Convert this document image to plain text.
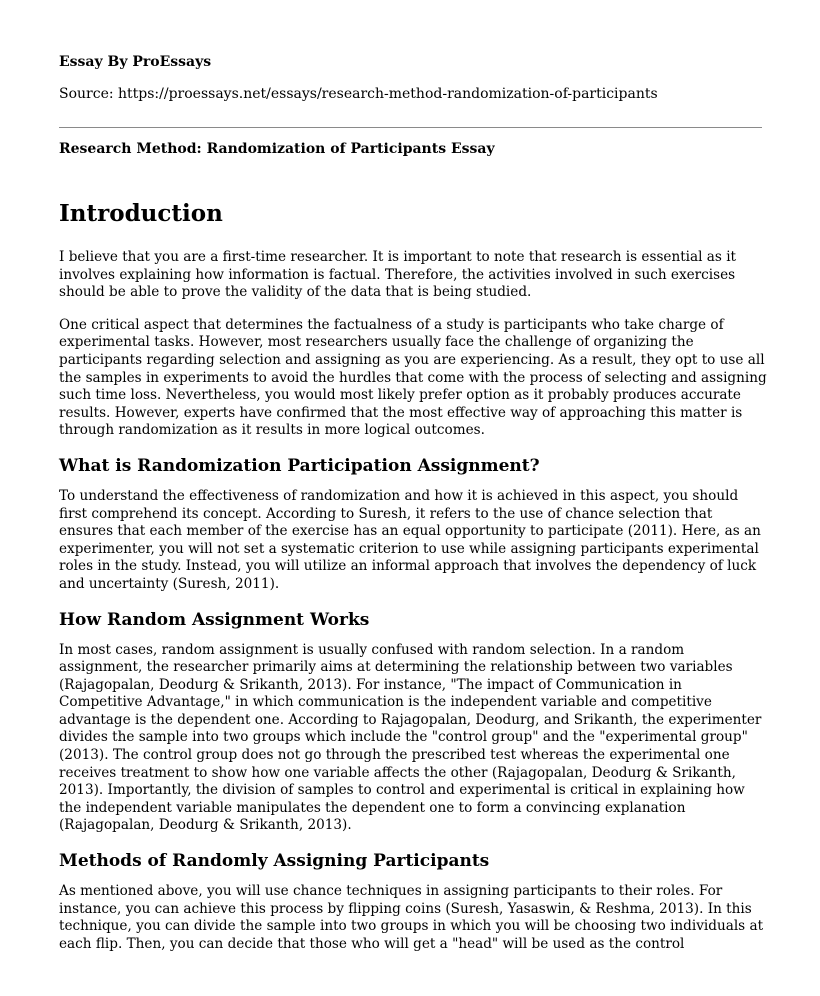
Essay By ProEssays
Source: https://proessays.net/essays/research-method-randomization-of-participants
Research Method: Randomization of Participants Essay
Introduction

I believe that you are a first-time researcher. It is important to note that research is essential as it involves explaining how information is factual. Therefore, the activities involved in such exercises should be able to prove the validity of the data that is being studied.

One critical aspect that determines the factualness of a study is participants who take charge of experimental tasks. However, most researchers usually face the challenge of organizing the participants regarding selection and assigning as you are experiencing. As a result, they opt to use all the samples in experiments to avoid the hurdles that come with the process of selecting and assigning such time loss. Nevertheless, you would most likely prefer option as it probably produces accurate results. However, experts have confirmed that the most effective way of approaching this matter is through randomization as it results in more logical outcomes.

What is Randomization Participation Assignment?

To understand the effectiveness of randomization and how it is achieved in this aspect, you should first comprehend its concept. According to Suresh, it refers to the use of chance selection that ensures that each member of the exercise has an equal opportunity to participate (2011). Here, as an experimenter, you will not set a systematic criterion to use while assigning participants experimental roles in the study. Instead, you will utilize an informal approach that involves the dependency of luck and uncertainty (Suresh, 2011).

How Random Assignment Works

In most cases, random assignment is usually confused with random selection. In a random assignment, the researcher primarily aims at determining the relationship between two variables (Rajagopalan, Deodurg & Srikanth, 2013). For instance, "The impact of Communication in Competitive Advantage," in which communication is the independent variable and competitive advantage is the dependent one. According to Rajagopalan, Deodurg, and Srikanth, the experimenter divides the sample into two groups which include the "control group" and the "experimental group" (2013). The control group does not go through the prescribed test whereas the experimental one receives treatment to show how one variable affects the other (Rajagopalan, Deodurg & Srikanth, 2013). Importantly, the division of samples to control and experimental is critical in explaining how the independent variable manipulates the dependent one to form a convincing explanation (Rajagopalan, Deodurg & Srikanth, 2013).

Methods of Randomly Assigning Participants

As mentioned above, you will use chance techniques in assigning participants to their roles. For instance, you can achieve this process by flipping coins (Suresh, Yasaswin, & Reshma, 2013). In this technique, you can divide the sample into two groups in which you will be choosing two individuals at each flip. Then, you can decide that those who will get a "head" will be used as the control
